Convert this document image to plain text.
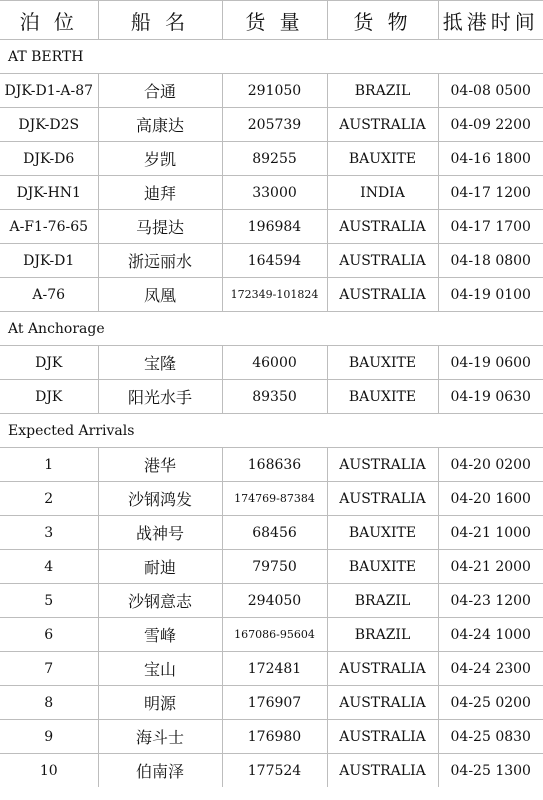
泊 位	船 名	货 量	货 物	抵港时间
AT BERTH				
DJK-D1-A-87	合通	291050	BRAZIL	04-08 0500
DJK-D2S	高康达	205739	AUSTRALIA	04-09 2200
DJK-D6	岁凯	89255	BAUXITE	04-16 1800
DJK-HN1	迪拜	33000	INDIA	04-17 1200
A-F1-76-65	马提达	196984	AUSTRALIA	04-17 1700
DJK-D1	浙远丽水	164594	AUSTRALIA	04-18 0800
A-76	凤凰	172349-101824	AUSTRALIA	04-19 0100
At Anchorage				
DJK	宝隆	46000	BAUXITE	04-19 0600
DJK	阳光水手	89350	BAUXITE	04-19 0630
Expected Arrivals				
1	港华	168636	AUSTRALIA	04-20 0200
2	沙钢鸿发	174769-87384	AUSTRALIA	04-20 1600
3	战神号	68456	BAUXITE	04-21 1000
4	耐迪	79750	BAUXITE	04-21 2000
5	沙钢意志	294050	BRAZIL	04-23 1200
6	雪峰	167086-95604	BRAZIL	04-24 1000
7	宝山	172481	AUSTRALIA	04-24 2300
8	明源	176907	AUSTRALIA	04-25 0200
9	海斗士	176980	AUSTRALIA	04-25 0830
10	伯南泽	177524	AUSTRALIA	04-25 1300
